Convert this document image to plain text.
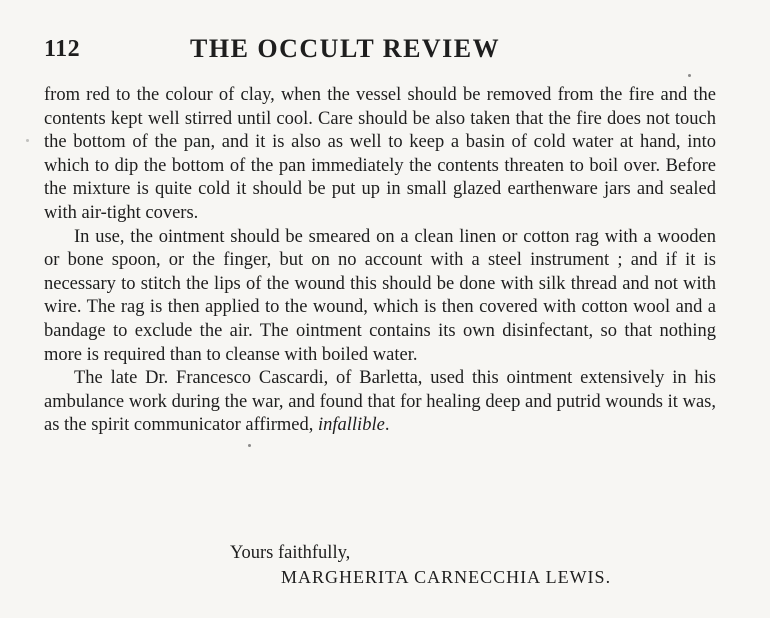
112	THE OCCULT REVIEW

from red to the colour of clay, when the vessel should be removed from the fire and the contents kept well stirred until cool. Care should be also taken that the fire does not touch the bottom of the pan, and it is also as well to keep a basin of cold water at hand, into which to dip the bottom of the pan immediately the contents threaten to boil over. Before the mixture is quite cold it should be put up in small glazed earthenware jars and sealed with air-tight covers.

In use, the ointment should be smeared on a clean linen or cotton rag with a wooden or bone spoon, or the finger, but on no account with a steel instrument ; and if it is necessary to stitch the lips of the wound this should be done with silk thread and not with wire. The rag is then applied to the wound, which is then covered with cotton wool and a bandage to exclude the air. The ointment contains its own disinfectant, so that nothing more is required than to cleanse with boiled water.

The late Dr. Francesco Cascardi, of Barletta, used this ointment extensively in his ambulance work during the war, and found that for healing deep and putrid wounds it was, as the spirit communicator affirmed, infallible.

Yours faithfully,
MARGHERITA CARNECCHIA LEWIS.
